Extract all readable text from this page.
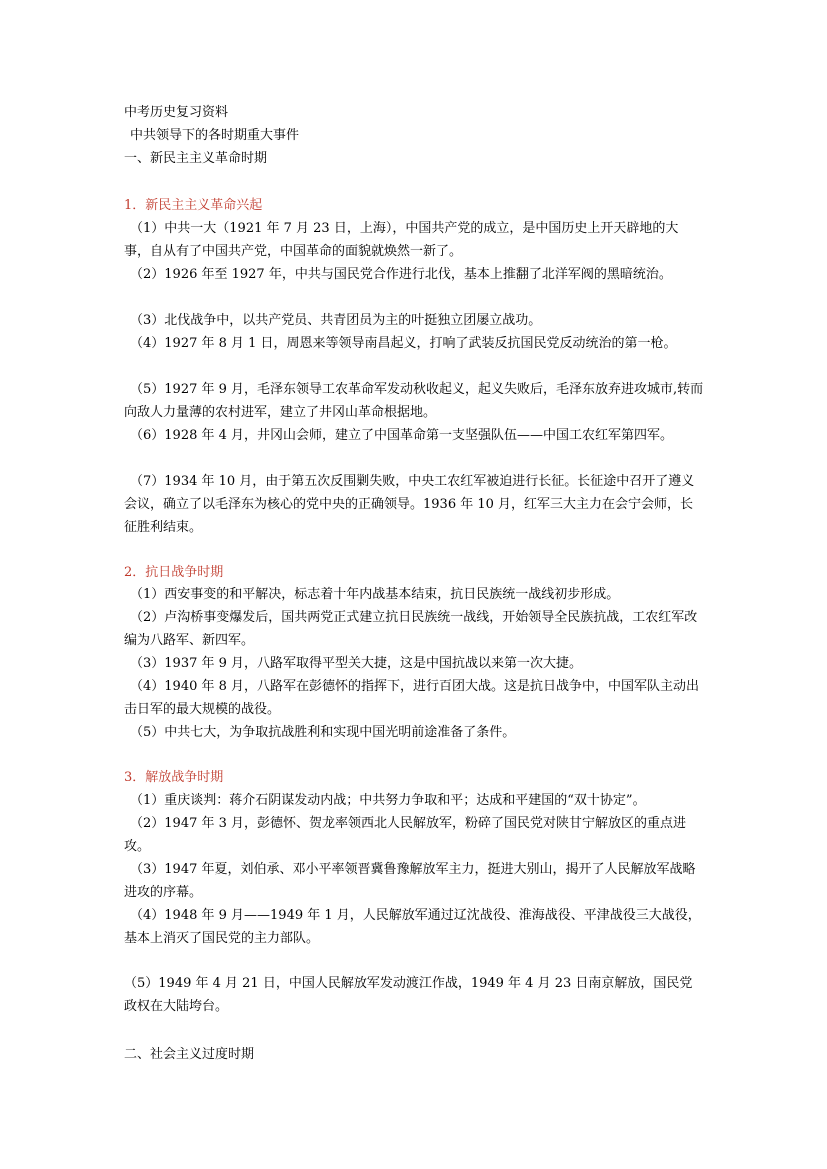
中考历史复习资料
中共领导下的各时期重大事件
一、新民主主义革命时期
1．新民主主义革命兴起
（1）中共一大（1921 年 7 月 23 日，上海），中国共产党的成立，是中国历史上开天辟地的大事，自从有了中国共产党，中国革命的面貌就焕然一新了。
（2）1926 年至 1927 年，中共与国民党合作进行北伐，基本上推翻了北洋军阀的黑暗统治。
（3）北伐战争中，以共产党员、共青团员为主的叶挺独立团屡立战功。
（4）1927 年 8 月 1 日，周恩来等领导南昌起义，打响了武装反抗国民党反动统治的第一枪。
（5）1927 年 9 月，毛泽东领导工农革命军发动秋收起义，起义失败后，毛泽东放弃进攻城市,转而向敌人力量薄的农村进军，建立了井冈山革命根据地。
（6）1928 年 4 月，井冈山会师，建立了中国革命第一支坚强队伍——中国工农红军第四军。
（7）1934 年 10 月，由于第五次反围剿失败，中央工农红军被迫进行长征。长征途中召开了遵义会议，确立了以毛泽东为核心的党中央的正确领导。1936 年 10 月，红军三大主力在会宁会师，长征胜利结束。
2．抗日战争时期
（1）西安事变的和平解决，标志着十年内战基本结束，抗日民族统一战线初步形成。
（2）卢沟桥事变爆发后，国共两党正式建立抗日民族统一战线，开始领导全民族抗战，工农红军改编为八路军、新四军。
（3）1937 年 9 月，八路军取得平型关大捷，这是中国抗战以来第一次大捷。
（4）1940 年 8 月，八路军在彭德怀的指挥下，进行百团大战。这是抗日战争中，中国军队主动出击日军的最大规模的战役。
（5）中共七大，为争取抗战胜利和实现中国光明前途准备了条件。
3．解放战争时期
（1）重庆谈判：蒋介石阴谋发动内战；中共努力争取和平；达成和平建国的“双十协定”。
（2）1947 年 3 月，彭德怀、贺龙率领西北人民解放军，粉碎了国民党对陕甘宁解放区的重点进攻。
（3）1947 年夏，刘伯承、邓小平率领晋冀鲁豫解放军主力，挺进大别山，揭开了人民解放军战略进攻的序幕。
（4）1948 年 9 月——1949 年 1 月，人民解放军通过辽沈战役、淮海战役、平津战役三大战役，基本上消灭了国民党的主力部队。
（5）1949 年 4 月 21 日，中国人民解放军发动渡江作战，1949 年 4 月 23 日南京解放，国民党政权在大陆垮台。
二、社会主义过度时期
